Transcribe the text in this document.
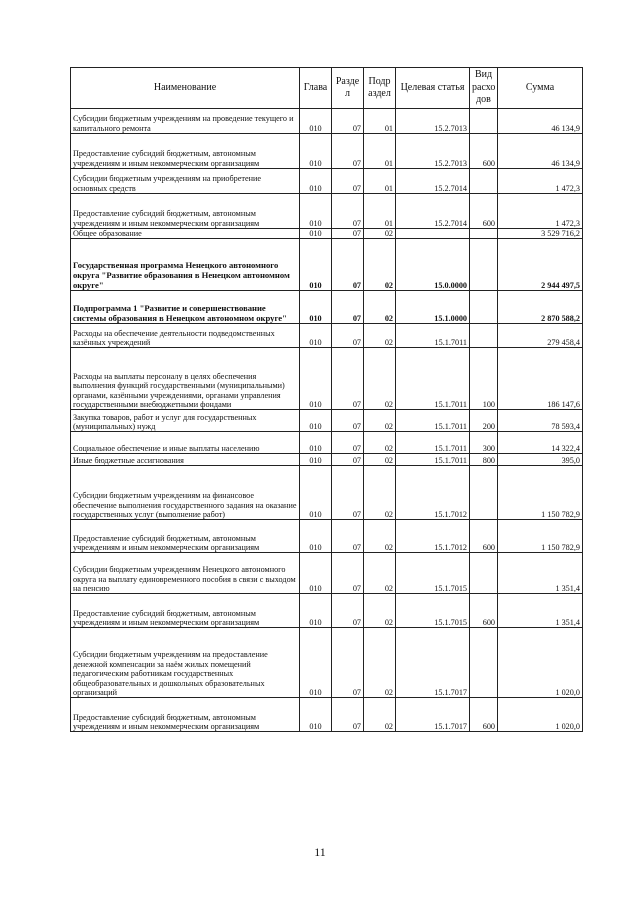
Наименование	Глава	Разде л	Подр аздел	Целевая статья	Вид расхо дов	Сумма
Субсидии бюджетным учреждениям на проведение текущего и капитального ремонта	010	07	01	15.2.7013		46 134,9
Предоставление субсидий бюджетным, автономным учреждениям и иным некоммерческим организациям	010	07	01	15.2.7013	600	46 134,9
Субсидии бюджетным учреждениям на приобретение основных средств	010	07	01	15.2.7014		1 472,3
Предоставление субсидий бюджетным, автономным учреждениям и иным некоммерческим организациям	010	07	01	15.2.7014	600	1 472,3
Общее образование	010	07	02			3 529 716,2
Государственная программа Ненецкого автономного округа "Развитие образования в Ненецком автономном округе"	010	07	02	15.0.0000		2 944 497,5
Подпрограмма 1 "Развитие и совершенствование системы образования в Ненецком автономном округе"	010	07	02	15.1.0000		2 870 588,2
Расходы на обеспечение деятельности подведомственных казённых учреждений	010	07	02	15.1.7011		279 458,4
Расходы на выплаты персоналу в целях обеспечения выполнения функций государственными (муниципальными) органами, казёнными учреждениями, органами управления государственными внебюджетными фондами	010	07	02	15.1.7011	100	186 147,6
Закупка товаров, работ и услуг для государственных (муниципальных) нужд	010	07	02	15.1.7011	200	78 593,4
Социальное обеспечение и иные выплаты населению	010	07	02	15.1.7011	300	14 322,4
Иные бюджетные ассигнования	010	07	02	15.1.7011	800	395,0
Субсидии бюджетным учреждениям на финансовое обеспечение выполнения государственного задания на оказание государственных услуг (выполнение работ)	010	07	02	15.1.7012		1 150 782,9
Предоставление субсидий бюджетным, автономным учреждениям и иным некоммерческим организациям	010	07	02	15.1.7012	600	1 150 782,9
Субсидии бюджетным учреждениям Ненецкого автономного округа на выплату единовременного пособия в связи с выходом на пенсию	010	07	02	15.1.7015		1 351,4
Предоставление субсидий бюджетным, автономным учреждениям и иным некоммерческим организациям	010	07	02	15.1.7015	600	1 351,4
Субсидии бюджетным учреждениям на предоставление денежной компенсации за наём жилых помещений педагогическим работникам государственных общеобразовательных и дошкольных образовательных организаций	010	07	02	15.1.7017		1 020,0
Предоставление субсидий бюджетным, автономным учреждениям и иным некоммерческим организациям	010	07	02	15.1.7017	600	1 020,0
11
